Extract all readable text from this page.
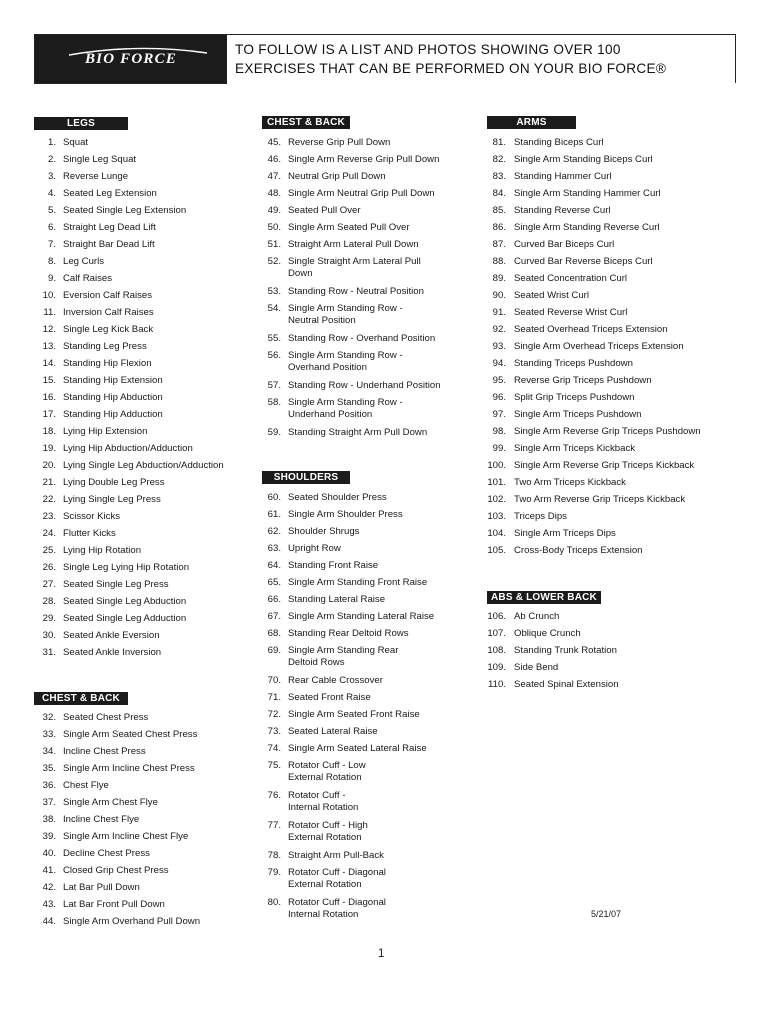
BIO FORCE
TO FOLLOW IS A LIST AND PHOTOS SHOWING OVER 100
EXERCISES THAT CAN BE PERFORMED ON YOUR BIO FORCE®
LEGS
1. Squat
2. Single Leg Squat
3. Reverse Lunge
4. Seated Leg Extension
5. Seated Single Leg Extension
6. Straight Leg Dead Lift
7. Straight Bar Dead Lift
8. Leg Curls
9. Calf Raises
10. Eversion Calf Raises
11. Inversion Calf Raises
12. Single Leg Kick Back
13. Standing Leg Press
14. Standing Hip Flexion
15. Standing Hip Extension
16. Standing Hip Abduction
17. Standing Hip Adduction
18. Lying Hip Extension
19. Lying Hip Abduction/Adduction
20. Lying Single Leg Abduction/Adduction
21. Lying Double Leg Press
22. Lying Single Leg Press
23. Scissor Kicks
24. Flutter Kicks
25. Lying Hip Rotation
26. Single Leg Lying Hip Rotation
27. Seated Single Leg Press
28. Seated Single Leg Abduction
29. Seated Single Leg Adduction
30. Seated Ankle Eversion
31. Seated Ankle Inversion
CHEST & BACK
32. Seated Chest Press
33. Single Arm Seated Chest Press
34. Incline Chest Press
35. Single Arm Incline Chest Press
36. Chest Flye
37. Single Arm Chest Flye
38. Incline Chest Flye
39. Single Arm Incline Chest Flye
40. Decline Chest Press
41. Closed Grip Chest Press
42. Lat Bar Pull Down
43. Lat Bar Front Pull Down
44. Single Arm Overhand Pull Down
CHEST & BACK
45. Reverse Grip Pull Down
46. Single Arm Reverse Grip Pull Down
47. Neutral Grip Pull Down
48. Single Arm Neutral Grip Pull Down
49. Seated Pull Over
50. Single Arm Seated Pull Over
51. Straight Arm Lateral Pull Down
52. Single Straight Arm Lateral Pull Down
53. Standing Row - Neutral Position
54. Single Arm Standing Row - Neutral Position
55. Standing Row - Overhand Position
56. Single Arm Standing Row - Overhand Position
57. Standing Row - Underhand Position
58. Single Arm Standing Row - Underhand Position
59. Standing Straight Arm Pull Down
SHOULDERS
60. Seated Shoulder Press
61. Single Arm Shoulder Press
62. Shoulder Shrugs
63. Upright Row
64. Standing Front Raise
65. Single Arm Standing Front Raise
66. Standing Lateral Raise
67. Single Arm Standing Lateral Raise
68. Standing Rear Deltoid Rows
69. Single Arm Standing Rear Deltoid Rows
70. Rear Cable Crossover
71. Seated Front Raise
72. Single Arm Seated Front Raise
73. Seated Lateral Raise
74. Single Arm Seated Lateral Raise
75. Rotator Cuff - Low External Rotation
76. Rotator Cuff - Internal Rotation
77. Rotator Cuff - High External Rotation
78. Straight Arm Pull-Back
79. Rotator Cuff - Diagonal External Rotation
80. Rotator Cuff - Diagonal Internal Rotation
ARMS
81. Standing Biceps Curl
82. Single Arm Standing Biceps Curl
83. Standing Hammer Curl
84. Single Arm Standing Hammer Curl
85. Standing Reverse Curl
86. Single Arm Standing Reverse Curl
87. Curved Bar Biceps Curl
88. Curved Bar Reverse Biceps Curl
89. Seated Concentration Curl
90. Seated Wrist Curl
91. Seated Reverse Wrist Curl
92. Seated Overhead Triceps Extension
93. Single Arm Overhead Triceps Extension
94. Standing Triceps Pushdown
95. Reverse Grip Triceps Pushdown
96. Split Grip Triceps Pushdown
97. Single Arm Triceps Pushdown
98. Single Arm Reverse Grip Triceps Pushdown
99. Single Arm Triceps Kickback
100. Single Arm Reverse Grip Triceps Kickback
101. Two Arm Triceps Kickback
102. Two Arm Reverse Grip Triceps Kickback
103. Triceps Dips
104. Single Arm Triceps Dips
105. Cross-Body Triceps Extension
ABS & LOWER BACK
106. Ab Crunch
107. Oblique Crunch
108. Standing Trunk Rotation
109. Side Bend
110. Seated Spinal Extension
5/21/07
1
